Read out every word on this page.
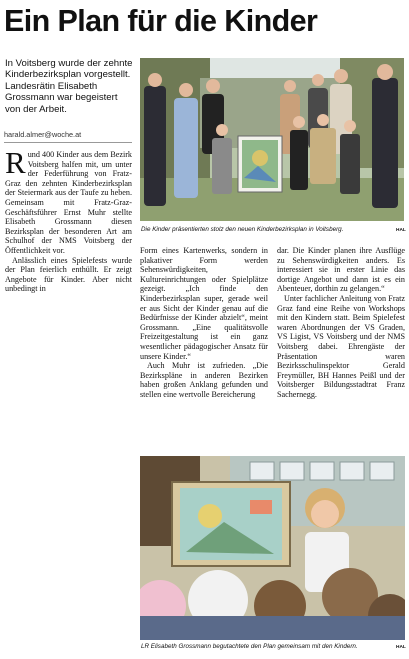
Ein Plan für die Kinder
In Voitsberg wurde der zehnte Kinderbezirksplan vorgestellt. Landesrätin Elisabeth Grossmann war begeistert von der Arbeit.
harald.almer@woche.at
Die Kinder präsentierten stolz den neuen Kinderbezirksplan in Voitsberg.	HAL

Rund 400 Kinder aus dem Bezirk Voitsberg halfen mit, um unter der Federführung von Fratz-Graz den zehnten Kinderbezirksplan der Steiermark aus der Taufe zu heben. Gemeinsam mit Fratz-Graz-Geschäftsführer Ernst Muhr stellte Elisabeth Grossmann diesen Bezirksplan der besonderen Art am Schulhof der NMS Voitsberg der Öffentlichkeit vor.

Anlässlich eines Spielefests wurde der Plan feierlich enthüllt. Er zeigt Angebote für Kinder. Aber nicht unbedingt in

Form eines Kartenwerks, sondern in plakativer Form werden Sehenswürdigkeiten, Kultureinrichtungen oder Spielplätze gezeigt. „Ich finde den Kinderbezirksplan super, gerade weil er aus Sicht der Kinder genau auf die Bedürfnisse der Kinder abzielt“, meint Grossmann. „Eine qualitätsvolle Freizeitgestaltung ist ein ganz wesentlicher pädagogischer Ansatz für unsere Kinder.“

Auch Muhr ist zufrieden. „Die Bezirkspläne in anderen Bezirken haben großen Anklang gefunden und stellen eine wertvolle Bereicherung

dar. Die Kinder planen ihre Ausflüge zu Sehenswürdigkeiten anders. Es interessiert sie in erster Linie das dortige Angebot und dann ist es ein Abenteuer, dorthin zu gelangen.“

Unter fachlicher Anleitung von Fratz Graz fand eine Reihe von Workshops mit den Kindern statt. Beim Spielefest waren Abordnungen der VS Graden, VS Ligist, VS Voitsberg und der NMS Voitsberg dabei. Ehrengäste der Präsentation waren Bezirksschulinspektor Gerald Freymüller, BH Hannes Peißl und der Voitsberger Bildungsstadtrat Franz Sachernegg.

LR Elisabeth Grossmann begutachtete den Plan gemeinsam mit den Kindern.	HAL
